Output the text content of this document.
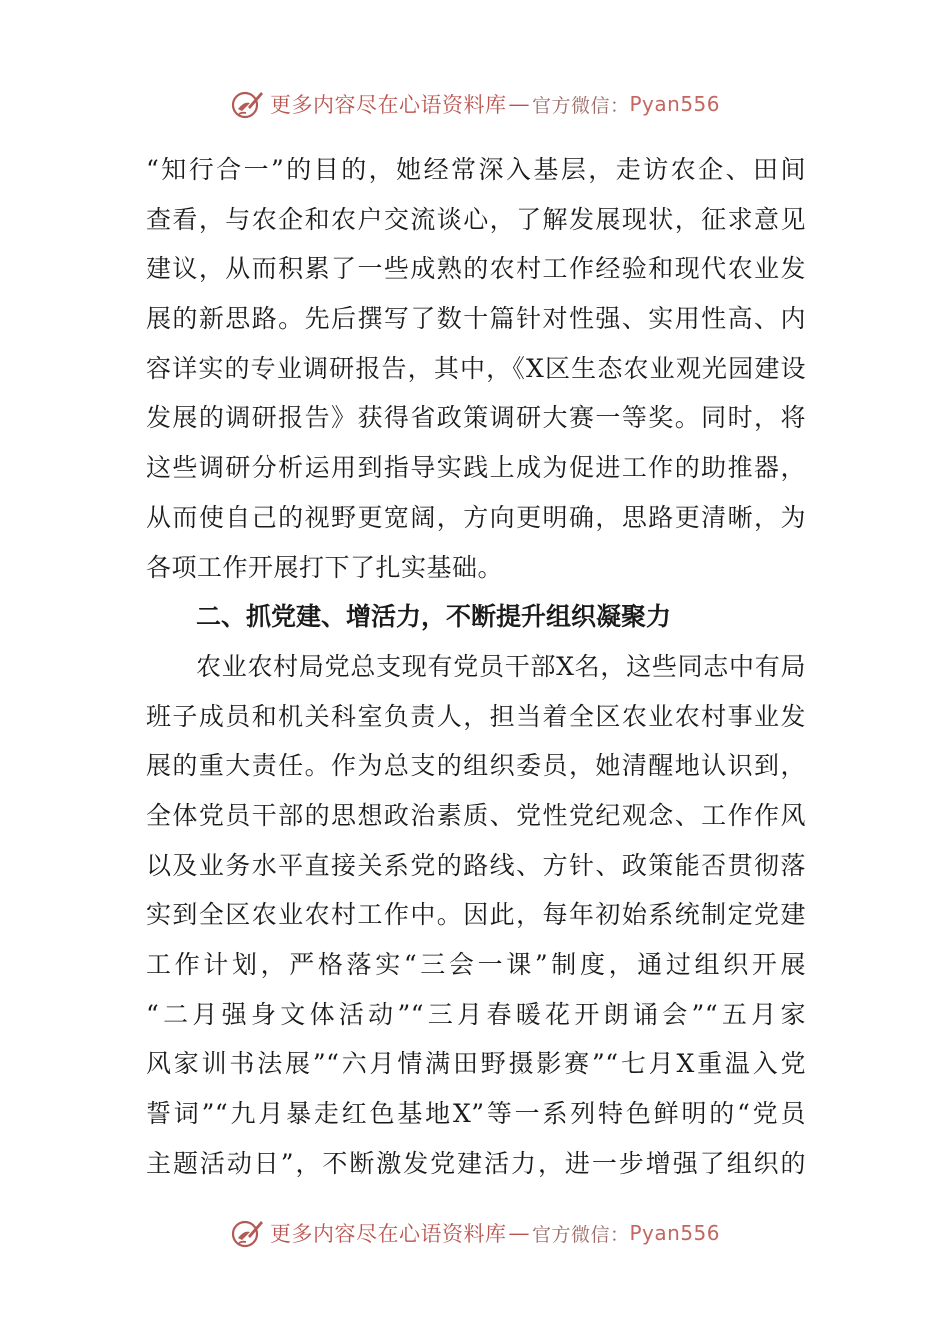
更多内容尽在心语资料库 — 官方微信： Pyan556
“知行合一”的目的，她经常深入基层，走访农企、田间
查看，与农企和农户交流谈心，了解发展现状，征求意见
建议，从而积累了一些成熟的农村工作经验和现代农业发
展的新思路。先后撰写了数十篇针对性强、实用性高、内
容详实的专业调研报告，其中，《X区生态农业观光园建设
发展的调研报告》获得省政策调研大赛一等奖。同时，将
这些调研分析运用到指导实践上成为促进工作的助推器，
从而使自己的视野更宽阔，方向更明确，思路更清晰，为
各项工作开展打下了扎实基础。
二、抓党建、增活力，不断提升组织凝聚力
农业农村局党总支现有党员干部X名，这些同志中有局
班子成员和机关科室负责人，担当着全区农业农村事业发
展的重大责任。作为总支的组织委员，她清醒地认识到，
全体党员干部的思想政治素质、党性党纪观念、工作作风
以及业务水平直接关系党的路线、方针、政策能否贯彻落
实到全区农业农村工作中。因此，每年初始系统制定党建
工作计划，严格落实“三会一课”制度，通过组织开展
“二月强身文体活动”“三月春暖花开朗诵会”“五月家
风家训书法展”“六月情满田野摄影赛”“七月X重温入党
誓词”“九月暴走红色基地X”等一系列特色鲜明的“党员
主题活动日”，不断激发党建活力，进一步增强了组织的
更多内容尽在心语资料库 — 官方微信： Pyan556
